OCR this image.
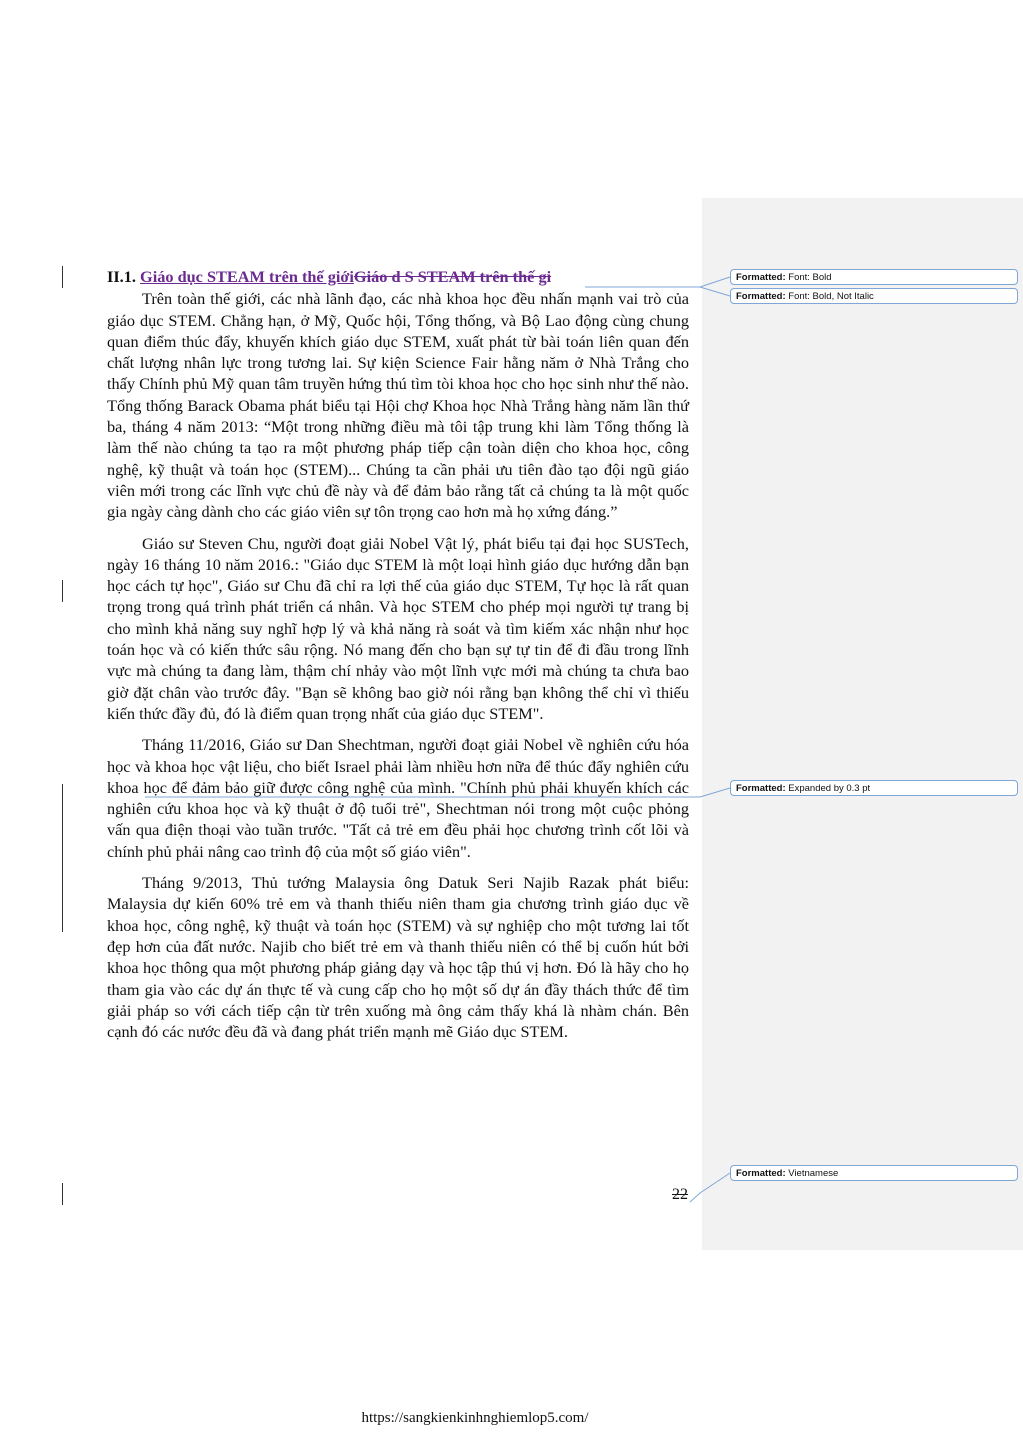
II.1. Giáo dục STEAM trên thế giớiGiáo d S STEAM trên thế gi

Trên toàn thế giới, các nhà lãnh đạo, các nhà khoa học đều nhấn mạnh vai trò của giáo dục STEM. Chẳng hạn, ở Mỹ, Quốc hội, Tổng thống, và Bộ Lao động cùng chung quan điểm thúc đẩy, khuyến khích giáo dục STEM, xuất phát từ bài toán liên quan đến chất lượng nhân lực trong tương lai. Sự kiện Science Fair hằng năm ở Nhà Trắng cho thấy Chính phủ Mỹ quan tâm truyền hứng thú tìm tòi khoa học cho học sinh như thế nào. Tổng thống Barack Obama phát biểu tại Hội chợ Khoa học Nhà Trắng hàng năm lần thứ ba, tháng 4 năm 2013: “Một trong những điều mà tôi tập trung khi làm Tổng thống là làm thế nào chúng ta tạo ra một phương pháp tiếp cận toàn diện cho khoa học, công nghệ, kỹ thuật và toán học (STEM)... Chúng ta cần phải ưu tiên đào tạo đội ngũ giáo viên mới trong các lĩnh vực chủ đề này và để đảm bảo rằng tất cả chúng ta là một quốc gia ngày càng dành cho các giáo viên sự tôn trọng cao hơn mà họ xứng đáng.”

Giáo sư Steven Chu, người đoạt giải Nobel Vật lý, phát biểu tại đại học SUSTech, ngày 16 tháng 10 năm 2016.: "Giáo dục STEM là một loại hình giáo dục hướng dẫn bạn học cách tự học", Giáo sư Chu đã chỉ ra lợi thế của giáo dục STEM, Tự học là rất quan trọng trong quá trình phát triển cá nhân. Và học STEM cho phép mọi người tự trang bị cho mình khả năng suy nghĩ hợp lý và khả năng rà soát và tìm kiếm xác nhận như học toán học và có kiến thức sâu rộng. Nó mang đến cho bạn sự tự tin để đi đầu trong lĩnh vực mà chúng ta đang làm, thậm chí nhảy vào một lĩnh vực mới mà chúng ta chưa bao giờ đặt chân vào trước đây. "Bạn sẽ không bao giờ nói rằng bạn không thể chỉ vì thiếu kiến thức đầy đủ, đó là điểm quan trọng nhất của giáo dục STEM".

Tháng 11/2016, Giáo sư Dan Shechtman, người đoạt giải Nobel về nghiên cứu hóa học và khoa học vật liệu, cho biết Israel phải làm nhiều hơn nữa để thúc đẩy nghiên cứu khoa học để đảm bảo giữ được công nghệ của mình. "Chính phủ phải khuyến khích các nghiên cứu khoa học và kỹ thuật ở độ tuổi trẻ", Shechtman nói trong một cuộc phỏng vấn qua điện thoại vào tuần trước. "Tất cả trẻ em đều phải học chương trình cốt lõi và chính phủ phải nâng cao trình độ của một số giáo viên".

Tháng 9/2013, Thủ tướng Malaysia ông Datuk Seri Najib Razak phát biểu: Malaysia dự kiến 60% trẻ em và thanh thiếu niên tham gia chương trình giáo dục về khoa học, công nghệ, kỹ thuật và toán học (STEM) và sự nghiệp cho một tương lai tốt đẹp hơn của đất nước. Najib cho biết trẻ em và thanh thiếu niên có thể bị cuốn hút bởi khoa học thông qua một phương pháp giảng dạy và học tập thú vị hơn. Đó là hãy cho họ tham gia vào các dự án thực tế và cung cấp cho họ một số dự án đầy thách thức để tìm giải pháp so với cách tiếp cận từ trên xuống mà ông cảm thấy khá là nhàm chán. Bên cạnh đó các nước đều đã và đang phát triển mạnh mẽ Giáo dục STEM.

Formatted: Font: Bold
Formatted: Font: Bold, Not Italic
Formatted: Expanded by 0.3 pt
Formatted: Vietnamese
22
https://sangkienkinhnghiemlop5.com/
